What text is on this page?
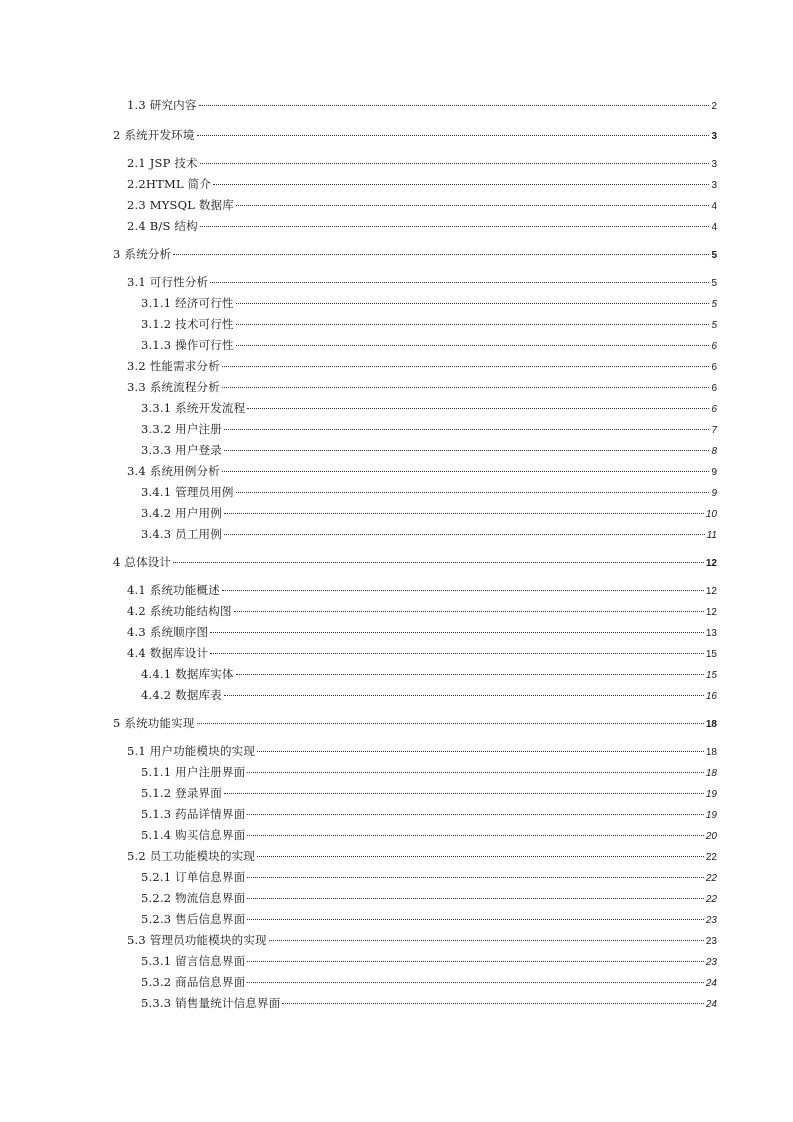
1.3 研究内容	2
2 系统开发环境	3
2.1 JSP 技术	3
2.2HTML 简介	3
2.3 MYSQL 数据库	4
2.4 B/S 结构	4
3 系统分析	5
3.1 可行性分析	5
3.1.1 经济可行性	5
3.1.2 技术可行性	5
3.1.3 操作可行性	6
3.2 性能需求分析	6
3.3 系统流程分析	6
3.3.1 系统开发流程	6
3.3.2 用户注册	7
3.3.3 用户登录	8
3.4 系统用例分析	9
3.4.1 管理员用例	9
3.4.2 用户用例	10
3.4.3 员工用例	11
4 总体设计	12
4.1 系统功能概述	12
4.2 系统功能结构图	12
4.3 系统顺序图	13
4.4 数据库设计	15
4.4.1 数据库实体	15
4.4.2 数据库表	16
5 系统功能实现	18
5.1 用户功能模块的实现	18
5.1.1 用户注册界面	18
5.1.2 登录界面	19
5.1.3 药品详情界面	19
5.1.4 购买信息界面	20
5.2 员工功能模块的实现	22
5.2.1 订单信息界面	22
5.2.2 物流信息界面	22
5.2.3 售后信息界面	23
5.3 管理员功能模块的实现	23
5.3.1 留言信息界面	23
5.3.2 商品信息界面	24
5.3.3 销售量统计信息界面	24
